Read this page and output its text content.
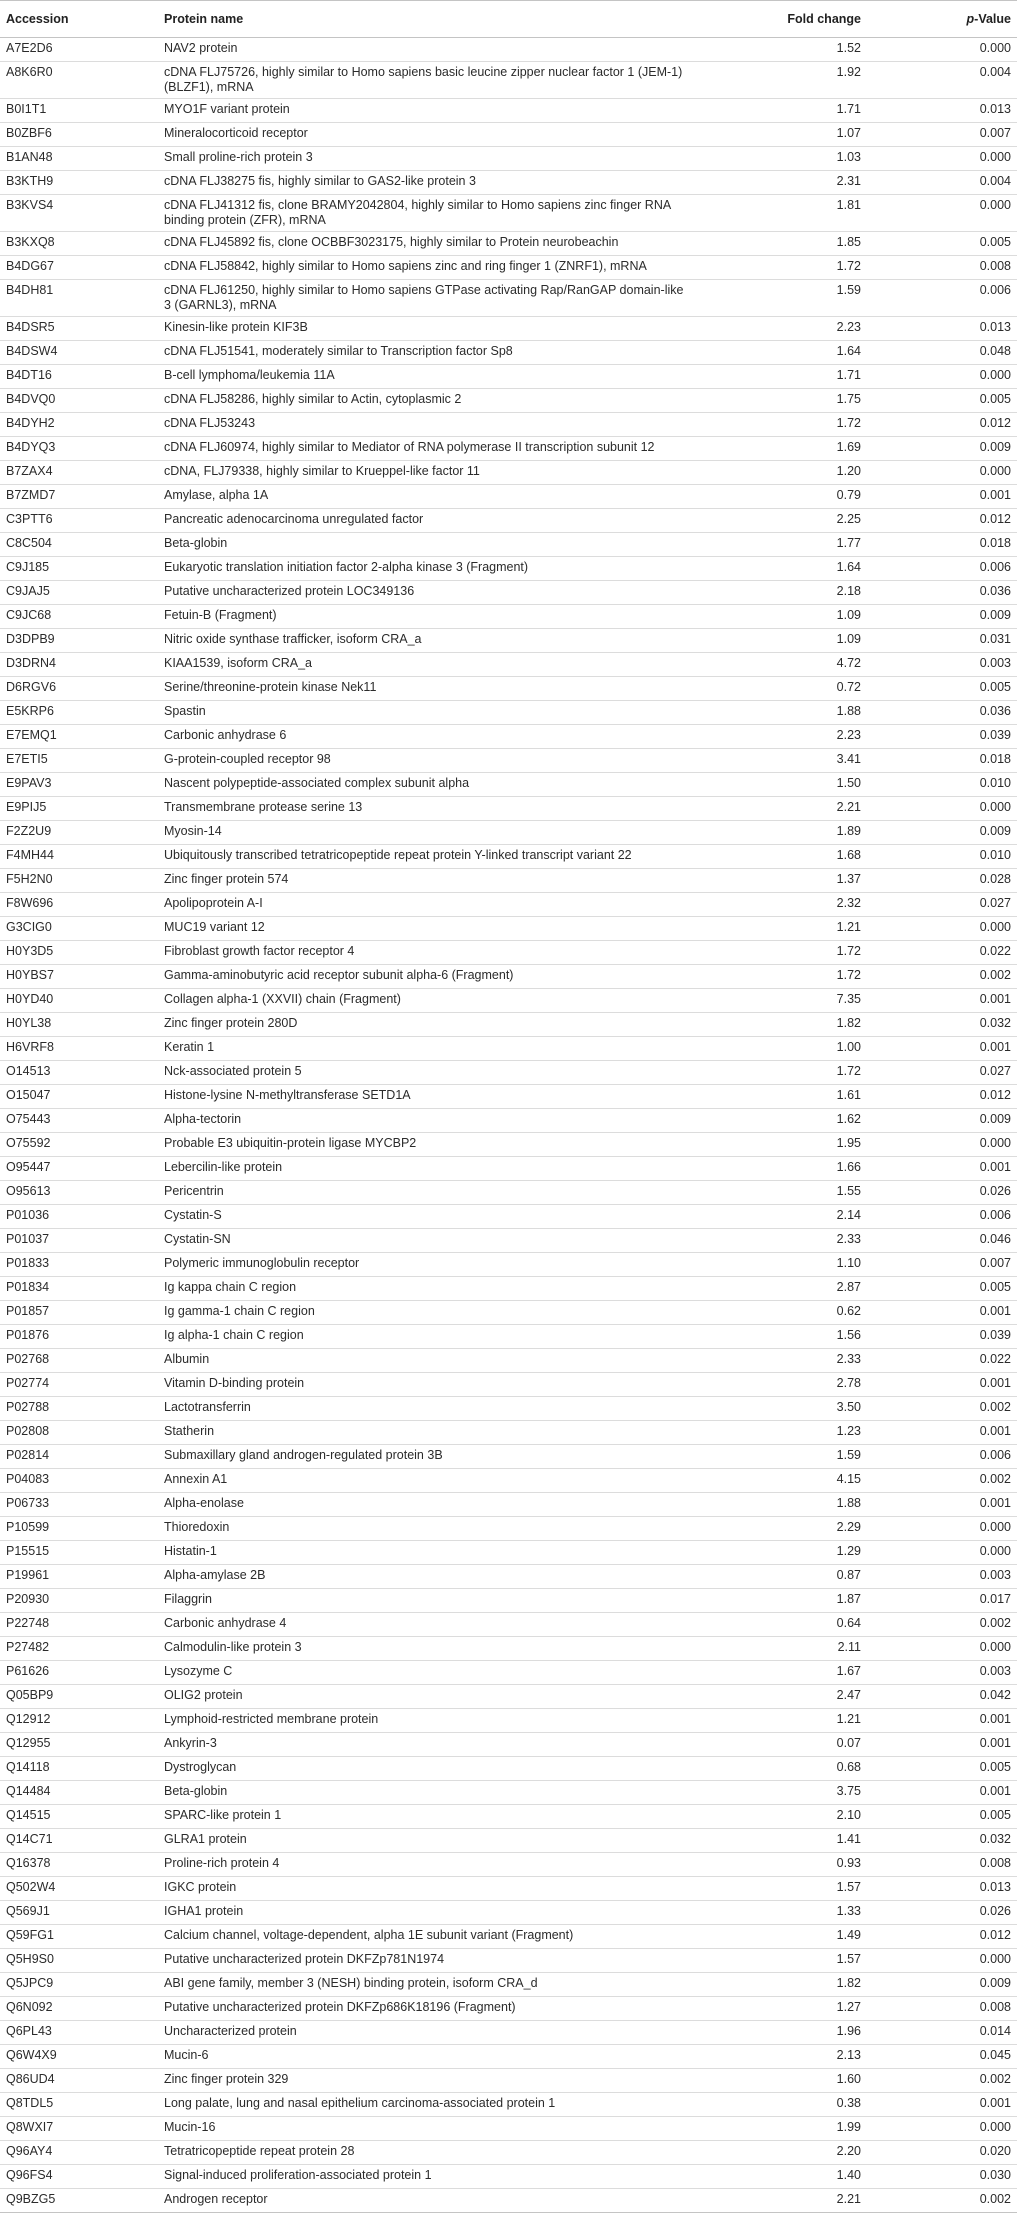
Accession	Protein name	Fold change	p-Value
A7E2D6	NAV2 protein	1.52	0.000
A8K6R0	cDNA FLJ75726, highly similar to Homo sapiens basic leucine zipper nuclear factor 1 (JEM-1) (BLZF1), mRNA	1.92	0.004
B0I1T1	MYO1F variant protein	1.71	0.013
B0ZBF6	Mineralocorticoid receptor	1.07	0.007
B1AN48	Small proline-rich protein 3	1.03	0.000
B3KTH9	cDNA FLJ38275 fis, highly similar to GAS2-like protein 3	2.31	0.004
B3KVS4	cDNA FLJ41312 fis, clone BRAMY2042804, highly similar to Homo sapiens zinc finger RNA binding protein (ZFR), mRNA	1.81	0.000
B3KXQ8	cDNA FLJ45892 fis, clone OCBBF3023175, highly similar to Protein neurobeachin	1.85	0.005
B4DG67	cDNA FLJ58842, highly similar to Homo sapiens zinc and ring finger 1 (ZNRF1), mRNA	1.72	0.008
B4DH81	cDNA FLJ61250, highly similar to Homo sapiens GTPase activating Rap/RanGAP domain-like 3 (GARNL3), mRNA	1.59	0.006
B4DSR5	Kinesin-like protein KIF3B	2.23	0.013
B4DSW4	cDNA FLJ51541, moderately similar to Transcription factor Sp8	1.64	0.048
B4DT16	B-cell lymphoma/leukemia 11A	1.71	0.000
B4DVQ0	cDNA FLJ58286, highly similar to Actin, cytoplasmic 2	1.75	0.005
B4DYH2	cDNA FLJ53243	1.72	0.012
B4DYQ3	cDNA FLJ60974, highly similar to Mediator of RNA polymerase II transcription subunit 12	1.69	0.009
B7ZAX4	cDNA, FLJ79338, highly similar to Krueppel-like factor 11	1.20	0.000
B7ZMD7	Amylase, alpha 1A	0.79	0.001
C3PTT6	Pancreatic adenocarcinoma unregulated factor	2.25	0.012
C8C504	Beta-globin	1.77	0.018
C9J185	Eukaryotic translation initiation factor 2-alpha kinase 3 (Fragment)	1.64	0.006
C9JAJ5	Putative uncharacterized protein LOC349136	2.18	0.036
C9JC68	Fetuin-B (Fragment)	1.09	0.009
D3DPB9	Nitric oxide synthase trafficker, isoform CRA_a	1.09	0.031
D3DRN4	KIAA1539, isoform CRA_a	4.72	0.003
D6RGV6	Serine/threonine-protein kinase Nek11	0.72	0.005
E5KRP6	Spastin	1.88	0.036
E7EMQ1	Carbonic anhydrase 6	2.23	0.039
E7ETI5	G-protein-coupled receptor 98	3.41	0.018
E9PAV3	Nascent polypeptide-associated complex subunit alpha	1.50	0.010
E9PIJ5	Transmembrane protease serine 13	2.21	0.000
F2Z2U9	Myosin-14	1.89	0.009
F4MH44	Ubiquitously transcribed tetratricopeptide repeat protein Y-linked transcript variant 22	1.68	0.010
F5H2N0	Zinc finger protein 574	1.37	0.028
F8W696	Apolipoprotein A-I	2.32	0.027
G3CIG0	MUC19 variant 12	1.21	0.000
H0Y3D5	Fibroblast growth factor receptor 4	1.72	0.022
H0YBS7	Gamma-aminobutyric acid receptor subunit alpha-6 (Fragment)	1.72	0.002
H0YD40	Collagen alpha-1 (XXVII) chain (Fragment)	7.35	0.001
H0YL38	Zinc finger protein 280D	1.82	0.032
H6VRF8	Keratin 1	1.00	0.001
O14513	Nck-associated protein 5	1.72	0.027
O15047	Histone-lysine N-methyltransferase SETD1A	1.61	0.012
O75443	Alpha-tectorin	1.62	0.009
O75592	Probable E3 ubiquitin-protein ligase MYCBP2	1.95	0.000
O95447	Lebercilin-like protein	1.66	0.001
O95613	Pericentrin	1.55	0.026
P01036	Cystatin-S	2.14	0.006
P01037	Cystatin-SN	2.33	0.046
P01833	Polymeric immunoglobulin receptor	1.10	0.007
P01834	Ig kappa chain C region	2.87	0.005
P01857	Ig gamma-1 chain C region	0.62	0.001
P01876	Ig alpha-1 chain C region	1.56	0.039
P02768	Albumin	2.33	0.022
P02774	Vitamin D-binding protein	2.78	0.001
P02788	Lactotransferrin	3.50	0.002
P02808	Statherin	1.23	0.001
P02814	Submaxillary gland androgen-regulated protein 3B	1.59	0.006
P04083	Annexin A1	4.15	0.002
P06733	Alpha-enolase	1.88	0.001
P10599	Thioredoxin	2.29	0.000
P15515	Histatin-1	1.29	0.000
P19961	Alpha-amylase 2B	0.87	0.003
P20930	Filaggrin	1.87	0.017
P22748	Carbonic anhydrase 4	0.64	0.002
P27482	Calmodulin-like protein 3	2.11	0.000
P61626	Lysozyme C	1.67	0.003
Q05BP9	OLIG2 protein	2.47	0.042
Q12912	Lymphoid-restricted membrane protein	1.21	0.001
Q12955	Ankyrin-3	0.07	0.001
Q14118	Dystroglycan	0.68	0.005
Q14484	Beta-globin	3.75	0.001
Q14515	SPARC-like protein 1	2.10	0.005
Q14C71	GLRA1 protein	1.41	0.032
Q16378	Proline-rich protein 4	0.93	0.008
Q502W4	IGKC protein	1.57	0.013
Q569J1	IGHA1 protein	1.33	0.026
Q59FG1	Calcium channel, voltage-dependent, alpha 1E subunit variant (Fragment)	1.49	0.012
Q5H9S0	Putative uncharacterized protein DKFZp781N1974	1.57	0.000
Q5JPC9	ABI gene family, member 3 (NESH) binding protein, isoform CRA_d	1.82	0.009
Q6N092	Putative uncharacterized protein DKFZp686K18196 (Fragment)	1.27	0.008
Q6PL43	Uncharacterized protein	1.96	0.014
Q6W4X9	Mucin-6	2.13	0.045
Q86UD4	Zinc finger protein 329	1.60	0.002
Q8TDL5	Long palate, lung and nasal epithelium carcinoma-associated protein 1	0.38	0.001
Q8WXI7	Mucin-16	1.99	0.000
Q96AY4	Tetratricopeptide repeat protein 28	2.20	0.020
Q96FS4	Signal-induced proliferation-associated protein 1	1.40	0.030
Q9BZG5	Androgen receptor	2.21	0.002
